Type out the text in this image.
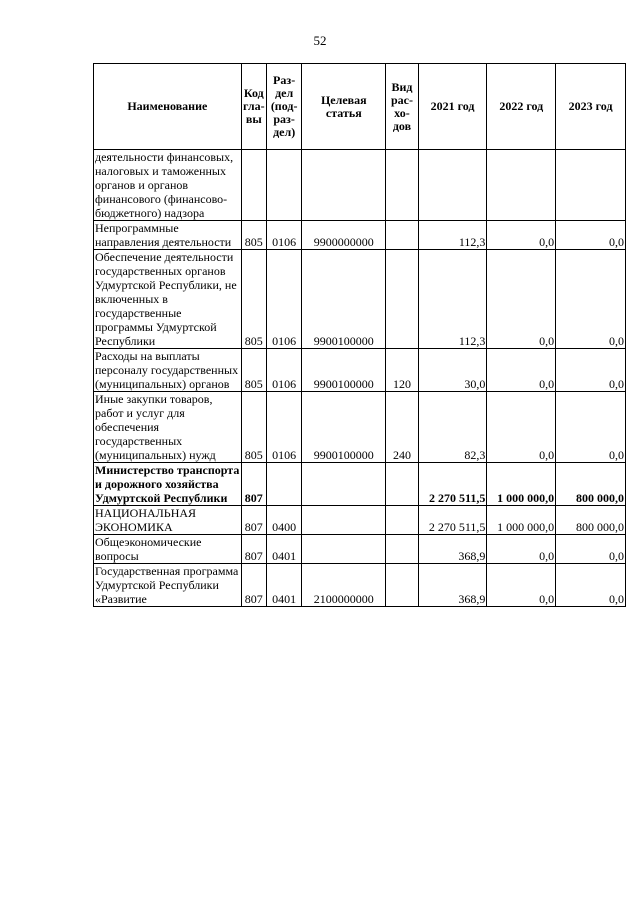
52
Наименование	Код гла-вы	Раз-дел (под-раз-дел)	Целевая статья	Вид рас-хо-дов	2021 год	2022 год	2023 год
деятельности финансовых, налоговых и таможенных органов и органов финансового (финансово-бюджетного) надзора							
Непрограммные направления деятельности	805	0106	9900000000		112,3	0,0	0,0
Обеспечение деятельности государственных органов Удмуртской Республики, не включенных в государственные программы Удмуртской Республики	805	0106	9900100000		112,3	0,0	0,0
Расходы на выплаты персоналу государственных (муниципальных) органов	805	0106	9900100000	120	30,0	0,0	0,0
Иные закупки товаров, работ и услуг для обеспечения государственных (муниципальных) нужд	805	0106	9900100000	240	82,3	0,0	0,0
Министерство транспорта и дорожного хозяйства Удмуртской Республики	807				2 270 511,5	1 000 000,0	800 000,0
НАЦИОНАЛЬНАЯ ЭКОНОМИКА	807	0400			2 270 511,5	1 000 000,0	800 000,0
Общеэкономические вопросы	807	0401			368,9	0,0	0,0
Государственная программа Удмуртской Республики «Развитие	807	0401	2100000000		368,9	0,0	0,0
